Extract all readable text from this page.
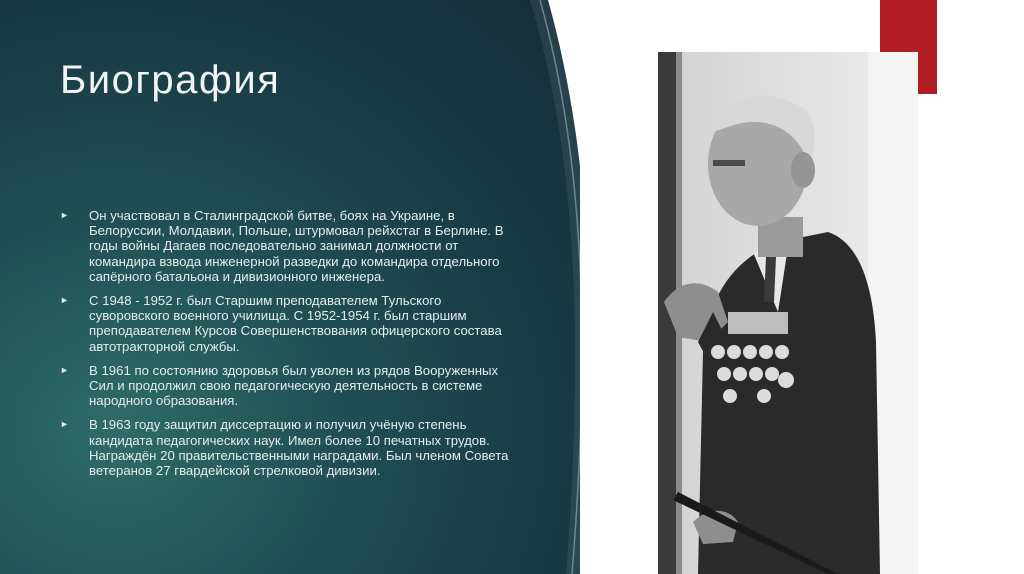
Биография
► Он участвовал в Сталинградской битве, боях на Украине, в Белоруссии, Молдавии, Польше, штурмовал рейхстаг в Берлине. В годы войны Дагаев последовательно занимал должности от командира взвода инженерной разведки до командира отдельного сапёрного батальона и дивизионного инженера.
► С 1948 - 1952 г. был Старшим преподавателем Тульского суворовского военного училища. С 1952-1954 г. был старшим преподавателем Курсов Совершенствования офицерского состава автотракторной службы.
► В 1961 по состоянию здоровья был уволен из рядов Вооруженных Сил и продолжил свою педагогическую деятельность в системе народного образования.
► В 1963 году защитил диссертацию и получил учёную степень кандидата педагогических наук. Имел более 10 печатных трудов. Награждён 20 правительственными наградами. Был членом Совета ветеранов 27 гвардейской стрелковой дивизии.
